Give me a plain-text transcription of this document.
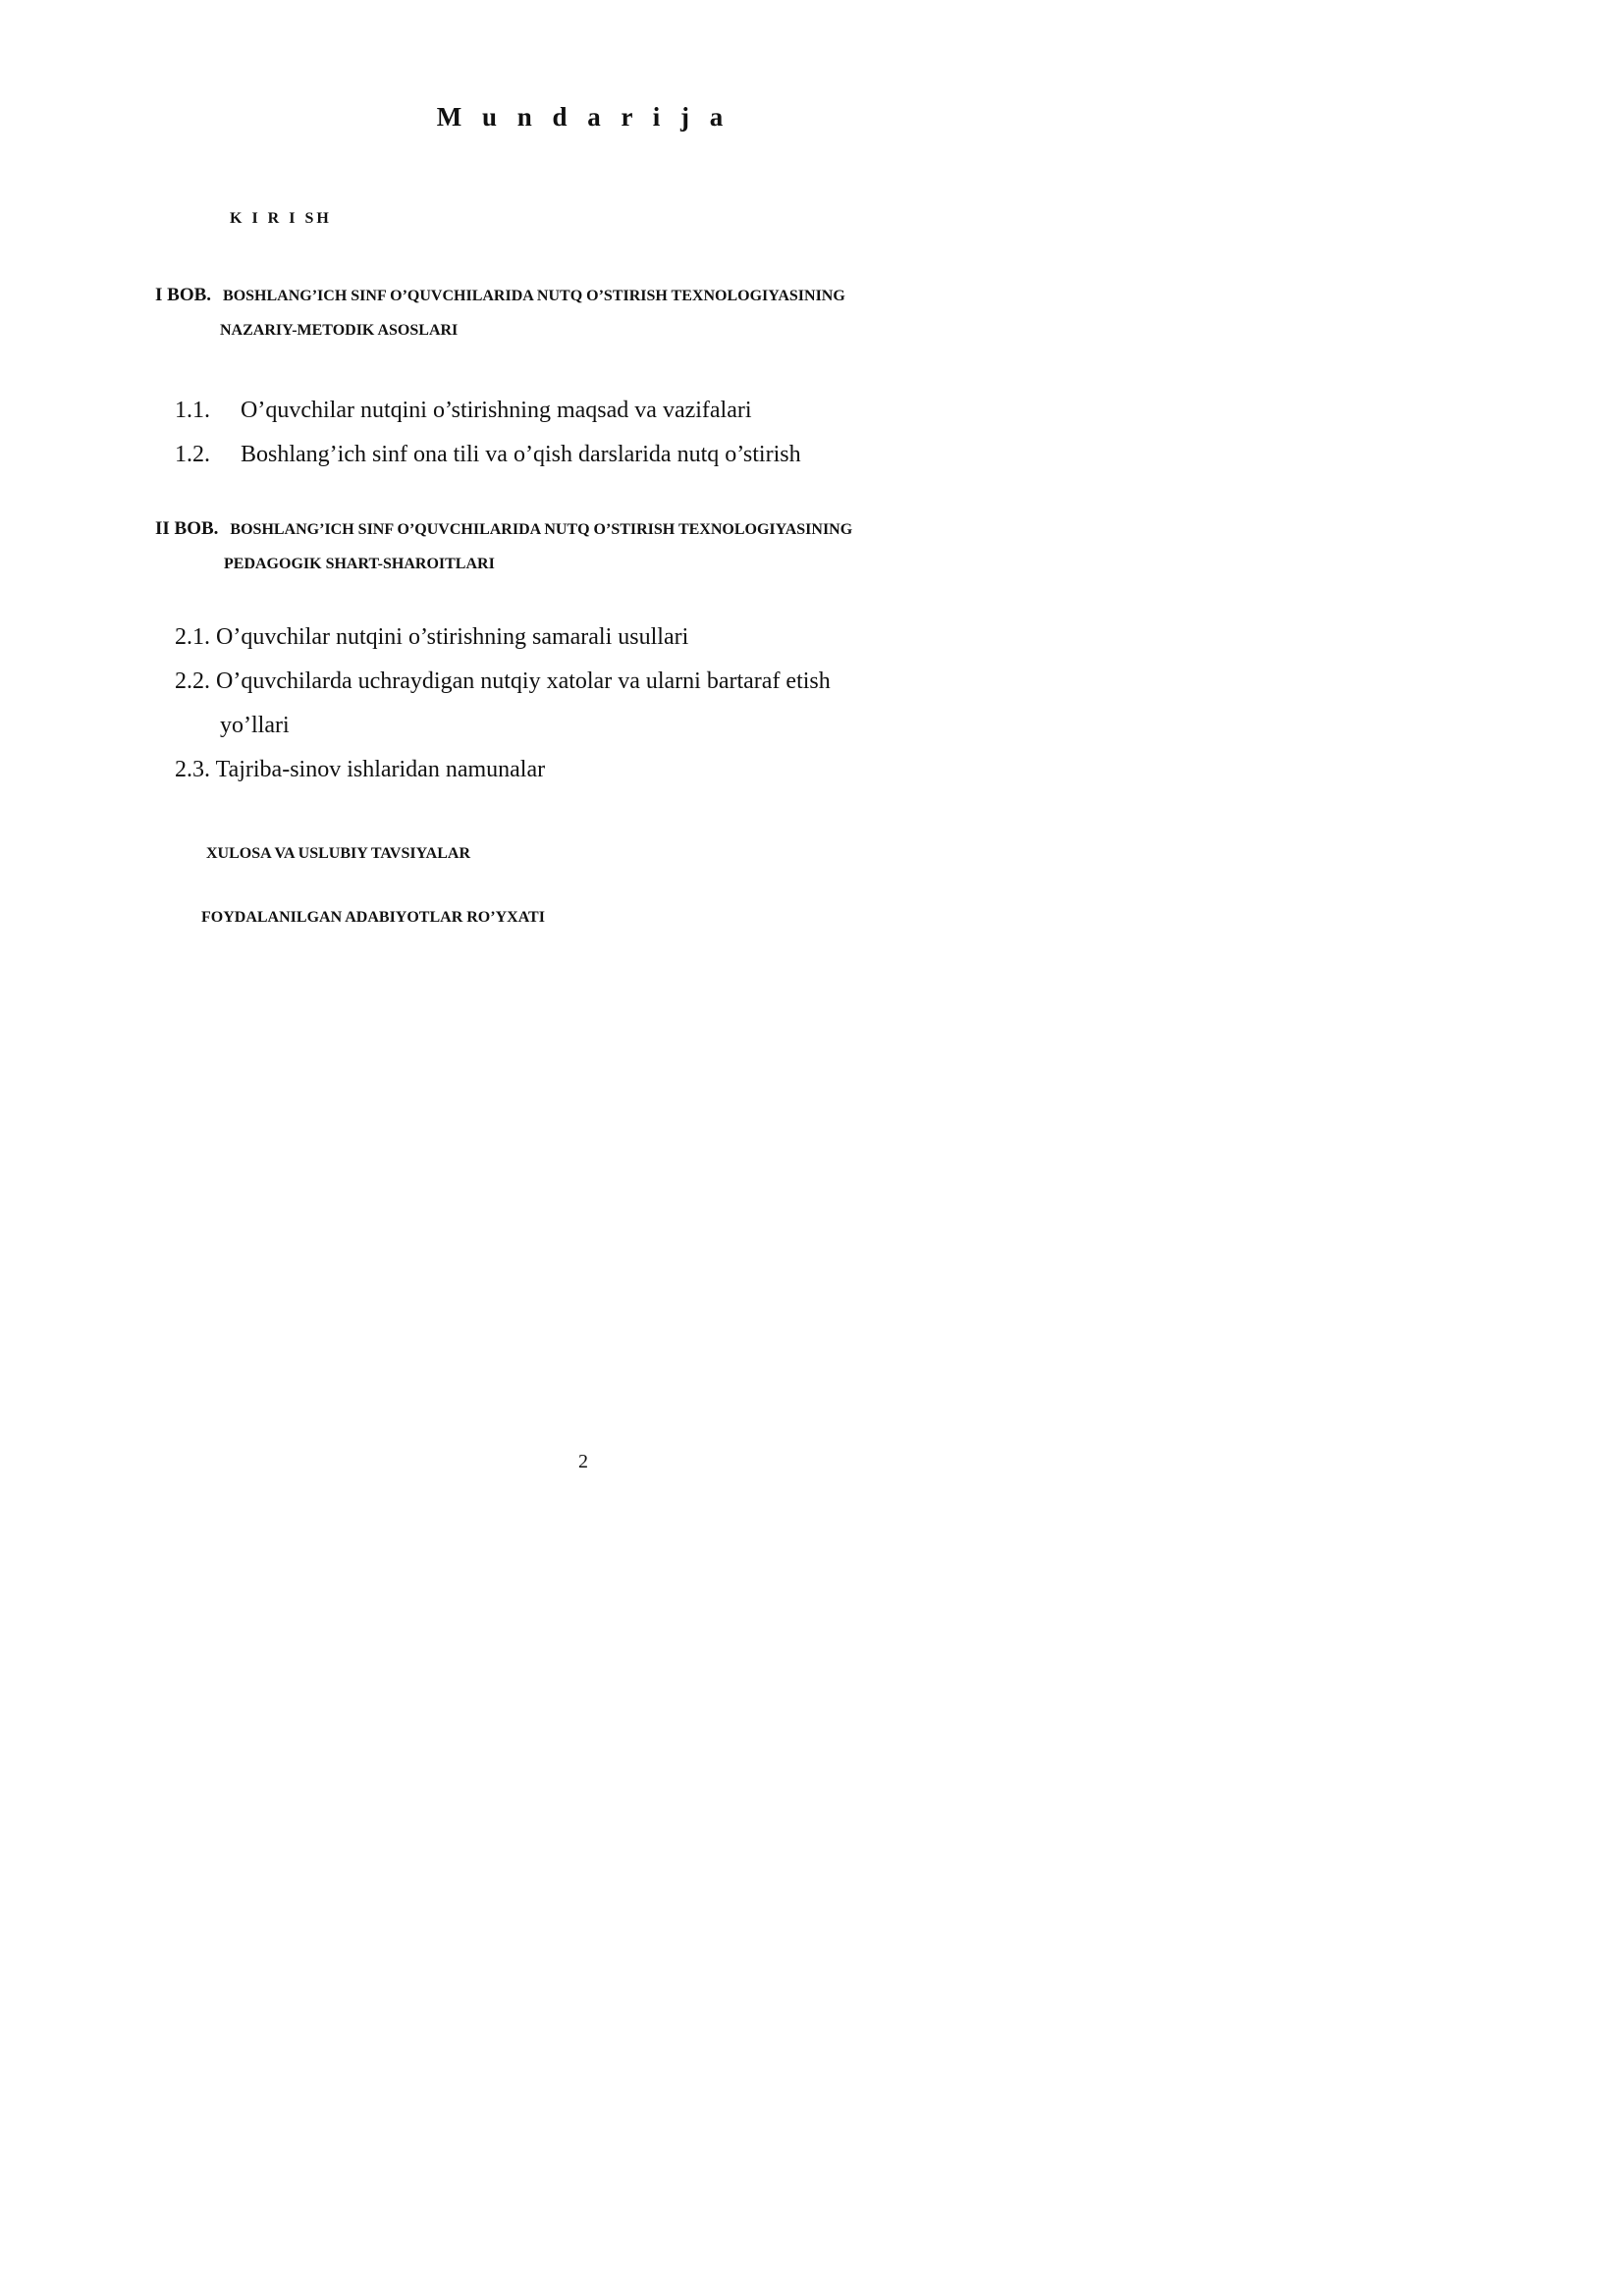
M u n d a r i j a
K I R I SH
I BOB. BOSHLANG’ICH SINF O’QUVCHILARIDA NUTQ O’STIRISH TEXNOLOGIYASINING
NAZARIY-METODIK ASOSLARI
1.1. O’quvchilar nutqini o’stirishning maqsad va vazifalari
1.2. Boshlang’ich sinf ona tili va o’qish darslarida nutq o’stirish
II BOB. BOSHLANG’ICH SINF O’QUVCHILARIDA NUTQ O’STIRISH TEXNOLOGIYASINING
PEDAGOGIK SHART-SHAROITLARI
2.1. O’quvchilar nutqini o’stirishning samarali usullari
2.2. O’quvchilarda uchraydigan nutqiy xatolar va ularni bartaraf etish
yo’llari
2.3. Tajriba-sinov ishlaridan namunalar
XULOSA VA USLUBIY TAVSIYALAR
FOYDALANILGAN ADABIYOTLAR RO’YXATI
2
